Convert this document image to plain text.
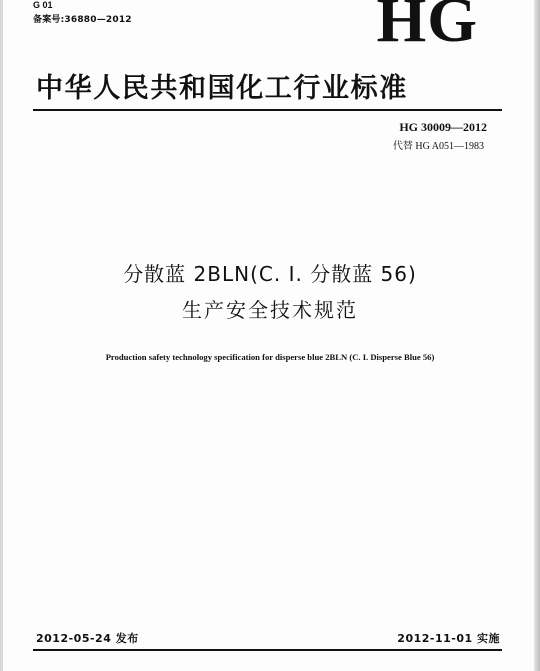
G 01
备案号:36880—2012	HG
中华人民共和国化工行业标准
HG 30009—2012
代替 HG A051—1983
分散蓝 2BLN(C. I. 分散蓝 56)
生产安全技术规范
Production safety technology specification for disperse blue 2BLN (C. I. Disperse Blue 56)
2012-05-24 发布	2012-11-01 实施
